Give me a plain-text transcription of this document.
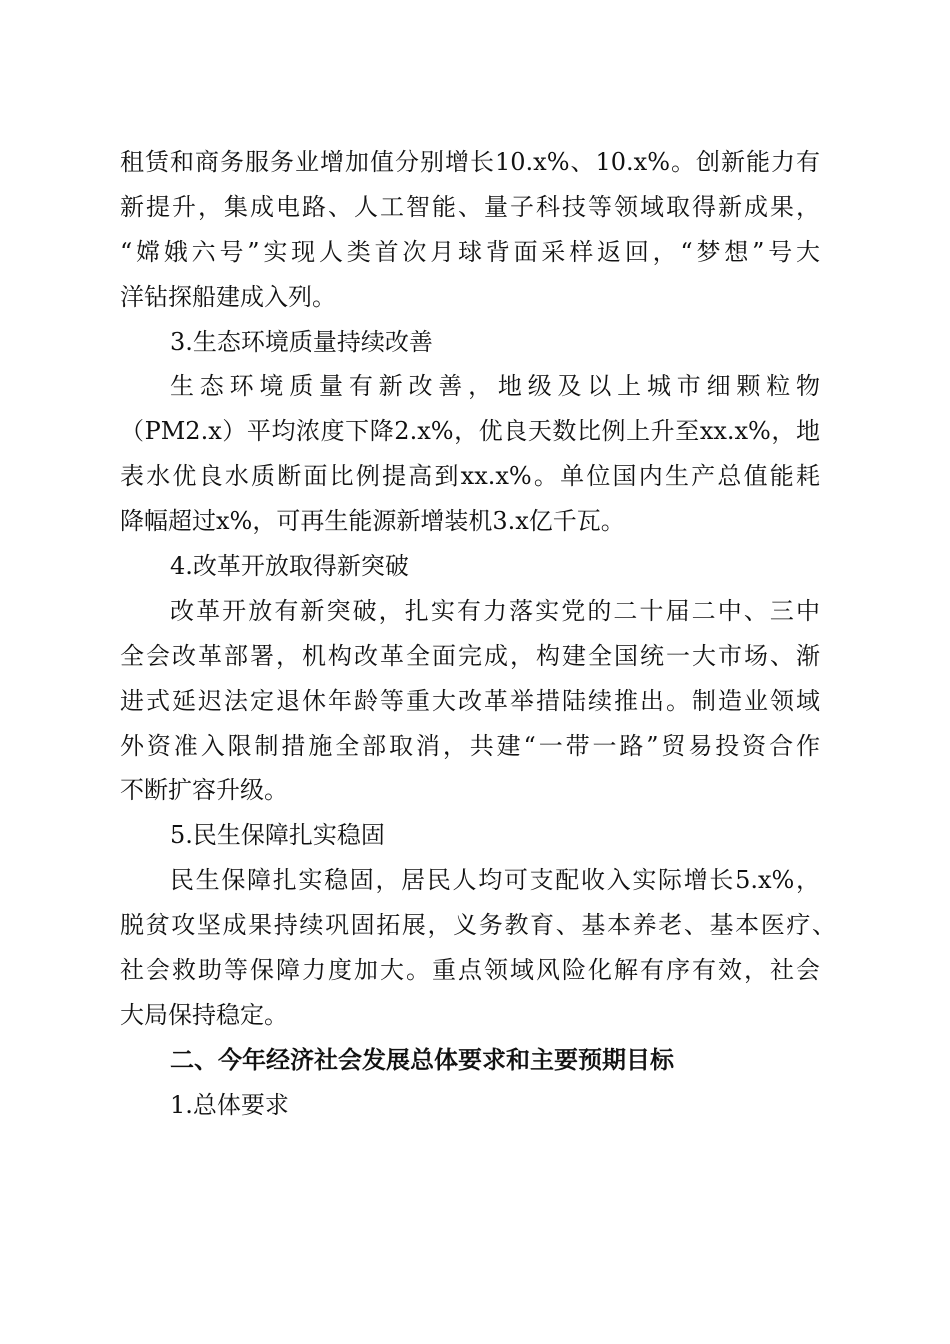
租赁和商务服务业增加值分别增长10.x%、10.x%。创新能力有
新提升，集成电路、人工智能、量子科技等领域取得新成果，
“嫦娥六号”实现人类首次月球背面采样返回，“梦想”号大
洋钻探船建成入列。
3.生态环境质量持续改善
生态环境质量有新改善，地级及以上城市细颗粒物
（PM2.x）平均浓度下降2.x%，优良天数比例上升至xx.x%，地
表水优良水质断面比例提高到xx.x%。单位国内生产总值能耗
降幅超过x%，可再生能源新增装机3.x亿千瓦。
4.改革开放取得新突破
改革开放有新突破，扎实有力落实党的二十届二中、三中
全会改革部署，机构改革全面完成，构建全国统一大市场、渐
进式延迟法定退休年龄等重大改革举措陆续推出。制造业领域
外资准入限制措施全部取消，共建“一带一路”贸易投资合作
不断扩容升级。
5.民生保障扎实稳固
民生保障扎实稳固，居民人均可支配收入实际增长5.x%，
脱贫攻坚成果持续巩固拓展，义务教育、基本养老、基本医疗、
社会救助等保障力度加大。重点领域风险化解有序有效，社会
大局保持稳定。
二、今年经济社会发展总体要求和主要预期目标
1.总体要求
